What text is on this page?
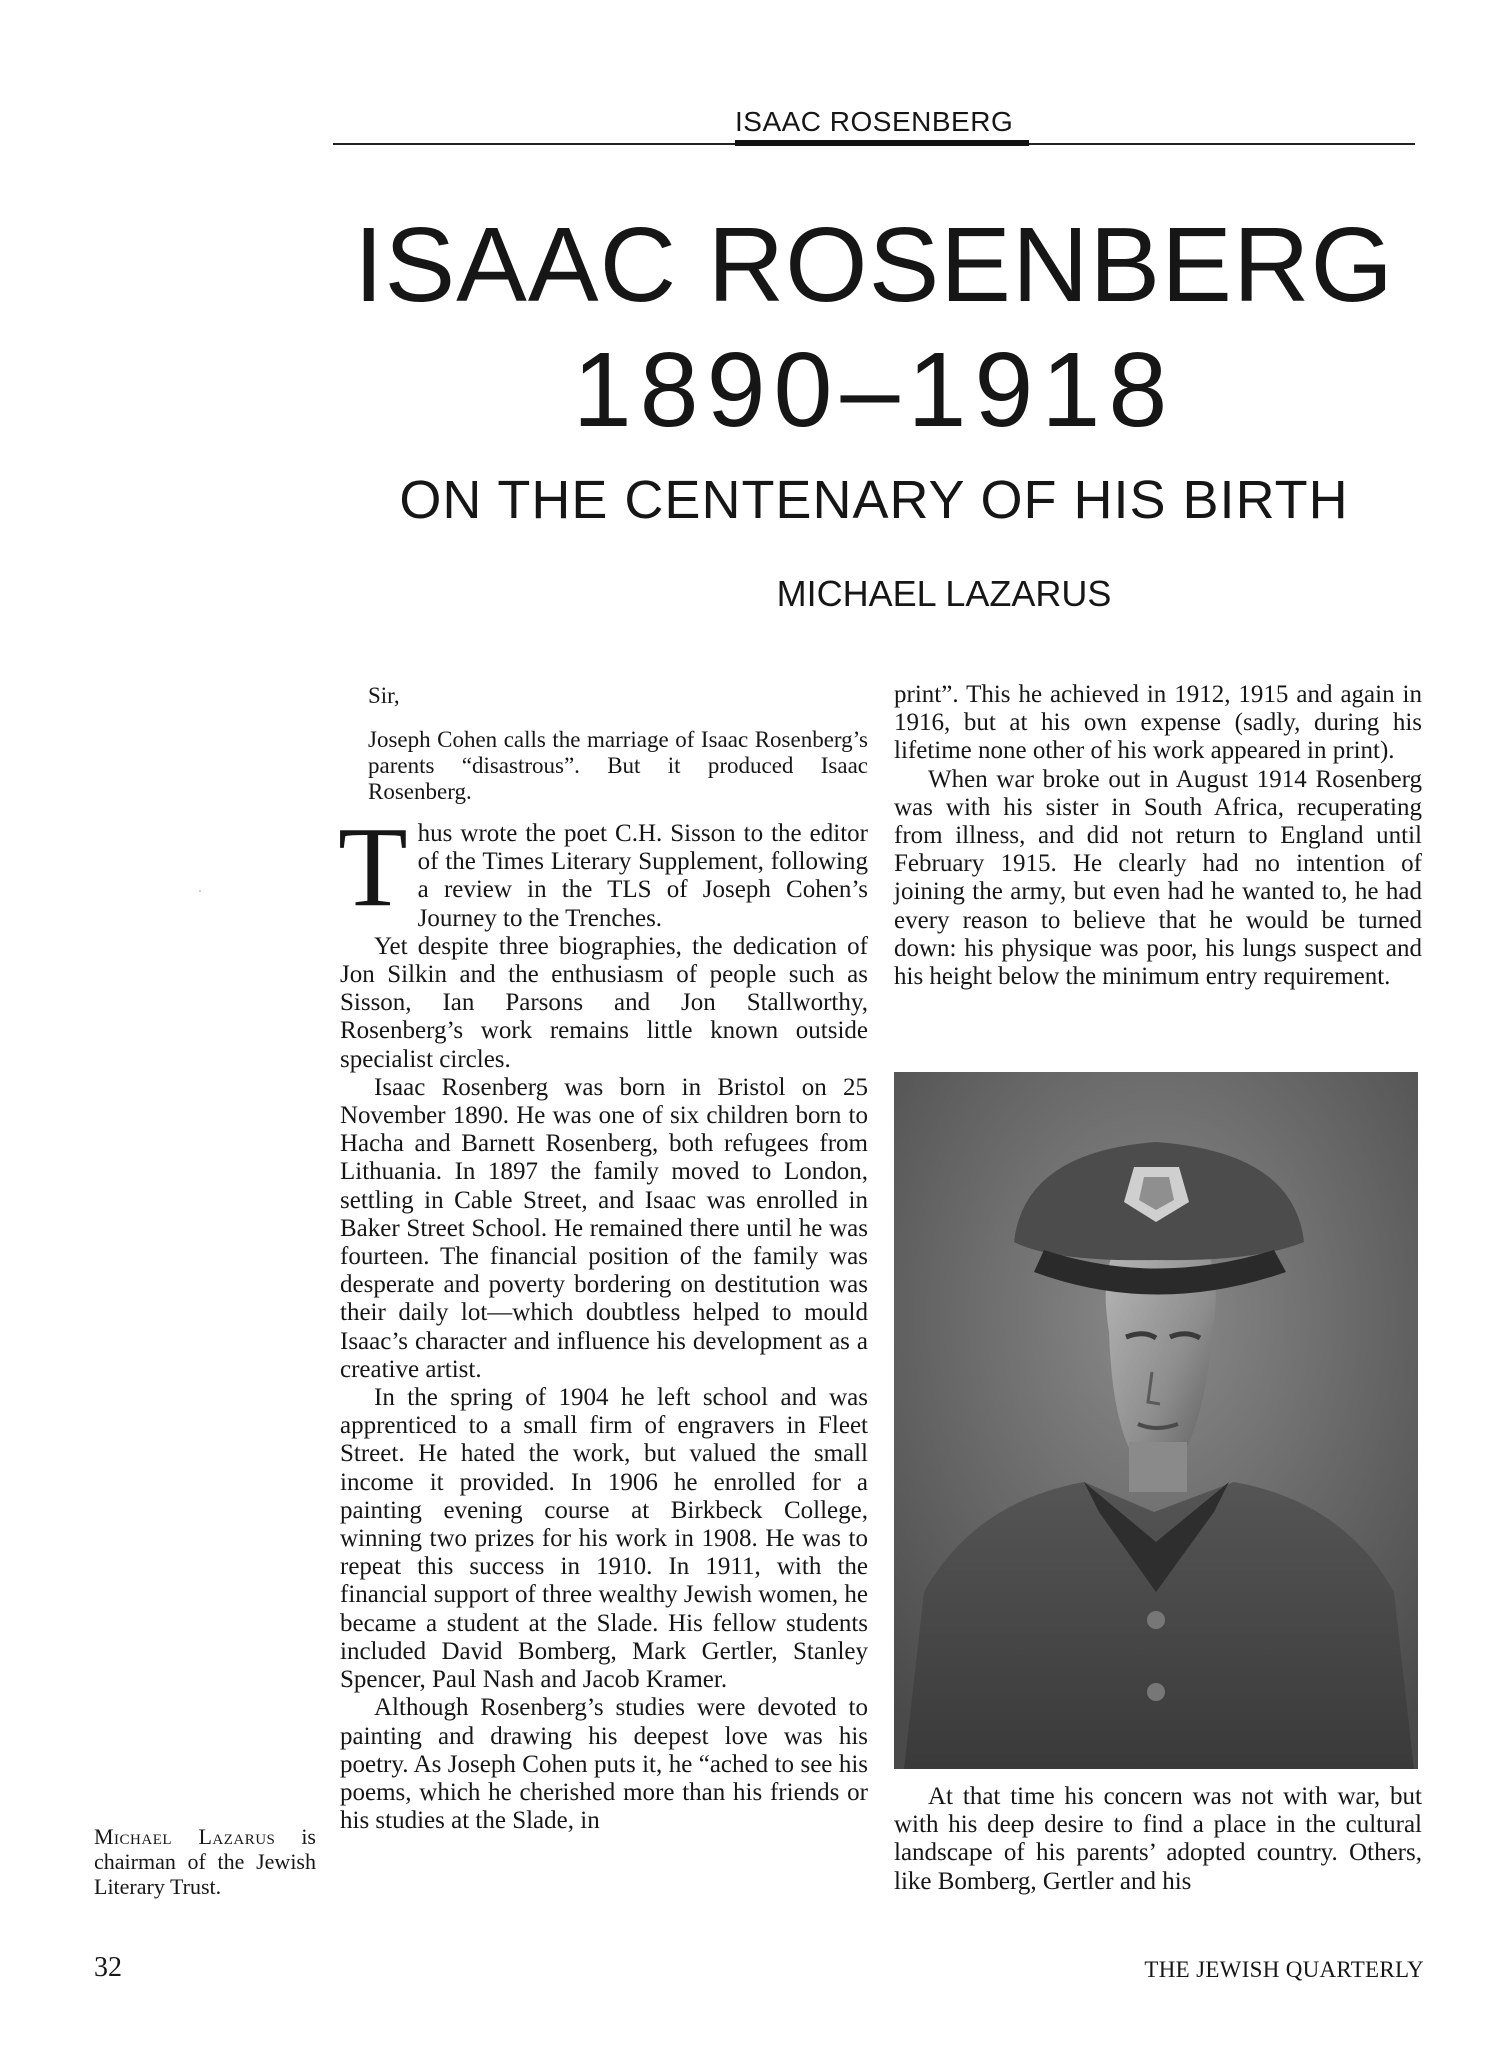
ISAAC ROSENBERG
ISAAC ROSENBERG
1890–1918
ON THE CENTENARY OF HIS BIRTH
MICHAEL LAZARUS

Sir,

Joseph Cohen calls the marriage of Isaac Rosenberg’s parents “disastrous”. But it produced Isaac Rosenberg.

Thus wrote the poet C.H. Sisson to the editor of the Times Literary Supplement, following a review in the TLS of Joseph Cohen’s Journey to the Trenches.

Yet despite three biographies, the dedication of Jon Silkin and the enthusiasm of people such as Sisson, Ian Parsons and Jon Stallworthy, Rosenberg’s work remains little known outside specialist circles.

Isaac Rosenberg was born in Bristol on 25 November 1890. He was one of six children born to Hacha and Barnett Rosenberg, both refugees from Lithuania. In 1897 the family moved to London, settling in Cable Street, and Isaac was enrolled in Baker Street School. He remained there until he was fourteen. The financial position of the family was desperate and poverty bordering on destitution was their daily lot—which doubtless helped to mould Isaac’s character and influence his development as a creative artist.

In the spring of 1904 he left school and was apprenticed to a small firm of engravers in Fleet Street. He hated the work, but valued the small income it provided. In 1906 he enrolled for a painting evening course at Birkbeck College, winning two prizes for his work in 1908. He was to repeat this success in 1910. In 1911, with the financial support of three wealthy Jewish women, he became a student at the Slade. His fellow students included David Bomberg, Mark Gertler, Stanley Spencer, Paul Nash and Jacob Kramer.

Although Rosenberg’s studies were devoted to painting and drawing his deepest love was his poetry. As Joseph Cohen puts it, he “ached to see his poems, which he cherished more than his friends or his studies at the Slade, in

print”. This he achieved in 1912, 1915 and again in 1916, but at his own expense (sadly, during his lifetime none other of his work appeared in print).

When war broke out in August 1914 Rosenberg was with his sister in South Africa, recuperating from illness, and did not return to England until February 1915. He clearly had no intention of joining the army, but even had he wanted to, he had every reason to believe that he would be turned down: his physique was poor, his lungs suspect and his height below the minimum entry requirement.

At that time his concern was not with war, but with his deep desire to find a place in the cultural landscape of his parents’ adopted country. Others, like Bomberg, Gertler and his

Michael Lazarus is chairman of the Jewish Literary Trust.
32	THE JEWISH QUARTERLY
